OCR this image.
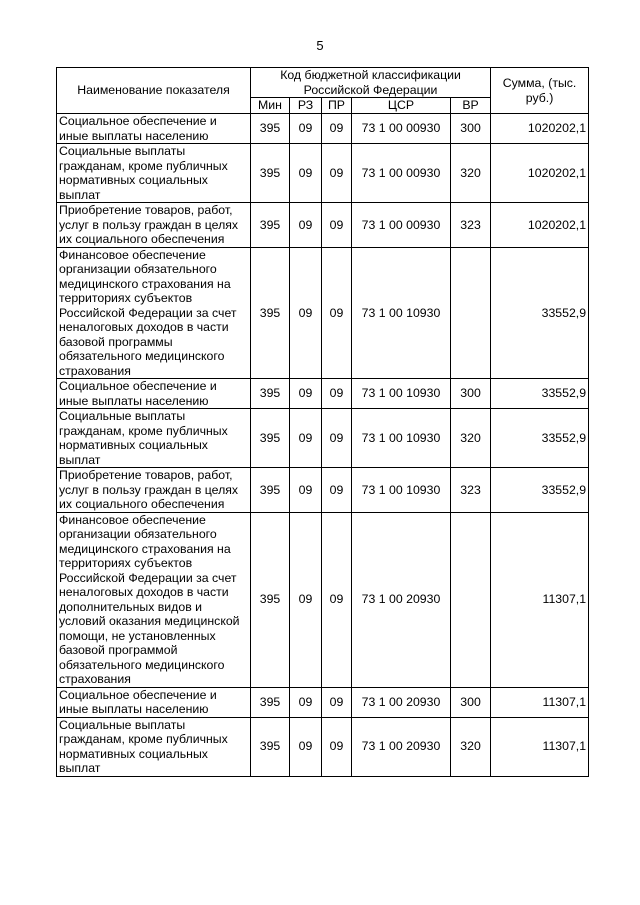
5
Наименование показателя	Код бюджетной классификации Российской Федерации					Сумма, (тыс. руб.)
	Мин	РЗ	ПР	ЦСР	ВР	
Социальное обеспечение и иные выплаты населению	395	09	09	73 1 00 00930	300	1020202,1
Социальные выплаты гражданам, кроме публичных нормативных социальных выплат	395	09	09	73 1 00 00930	320	1020202,1
Приобретение товаров, работ, услуг в пользу граждан в целях их социального обеспечения	395	09	09	73 1 00 00930	323	1020202,1
Финансовое обеспечение организации обязательного медицинского страхования на территориях субъектов Российской Федерации за счет неналоговых доходов в части базовой программы обязательного медицинского страхования	395	09	09	73 1 00 10930		33552,9
Социальное обеспечение и иные выплаты населению	395	09	09	73 1 00 10930	300	33552,9
Социальные выплаты гражданам, кроме публичных нормативных социальных выплат	395	09	09	73 1 00 10930	320	33552,9
Приобретение товаров, работ, услуг в пользу граждан в целях их социального обеспечения	395	09	09	73 1 00 10930	323	33552,9
Финансовое обеспечение организации обязательного медицинского страхования на территориях субъектов Российской Федерации за счет неналоговых доходов в части дополнительных видов и условий оказания медицинской помощи, не установленных базовой программой обязательного медицинского страхования	395	09	09	73 1 00 20930		11307,1
Социальное обеспечение и иные выплаты населению	395	09	09	73 1 00 20930	300	11307,1
Социальные выплаты гражданам, кроме публичных нормативных социальных выплат	395	09	09	73 1 00 20930	320	11307,1
